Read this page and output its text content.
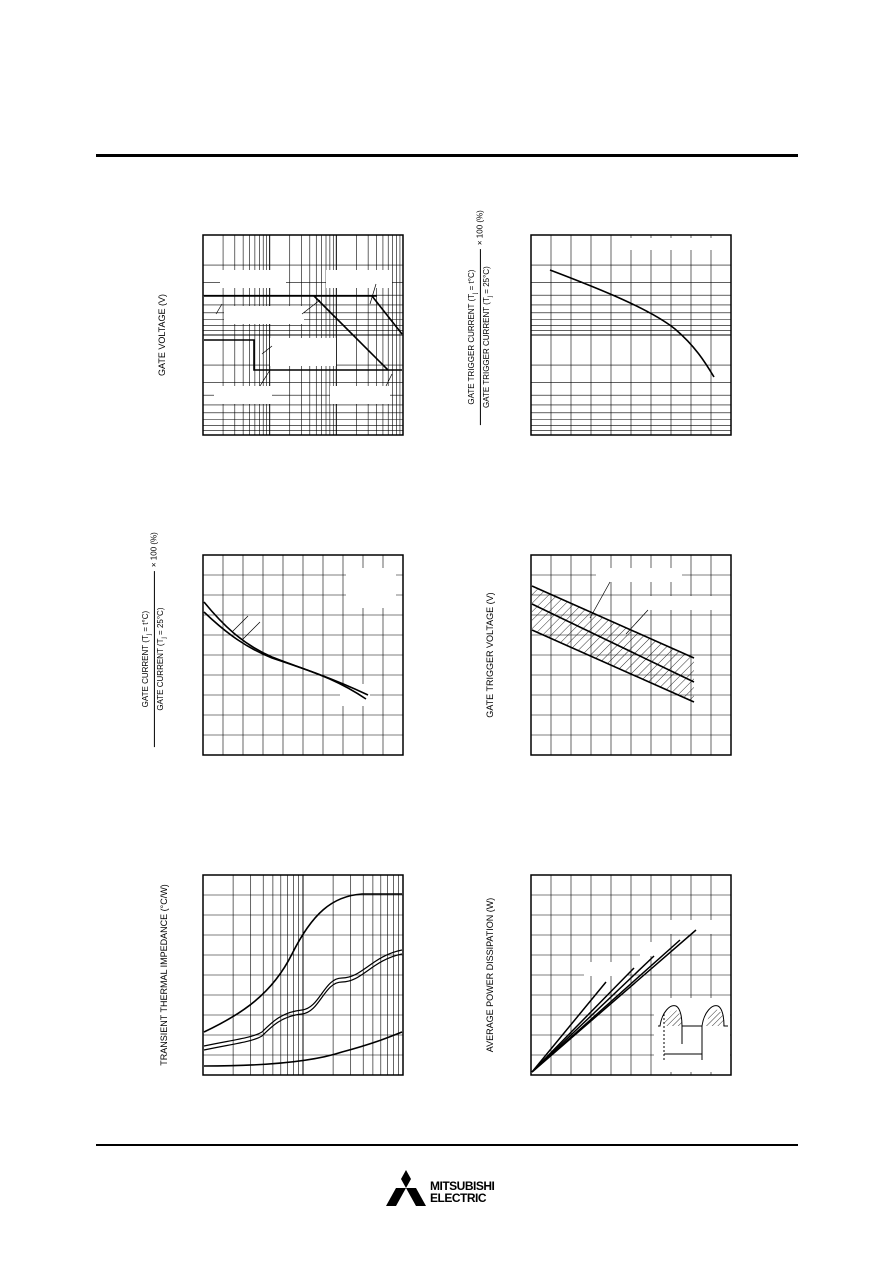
GATE VOLTAGE (V)	GATE TRIGGER CURRENT $(T_j = t^\circ C)$
GATE TRIGGER CURRENT $(T_j = 25^\circ C)$
× 100 (%)
GATE CURRENT $(T_j = t^\circ C)$
GATE CURRENT $(T_j = 25^\circ C)$
× 100 (%)
GATE TRIGGER VOLTAGE (V)
TRANSIENT THERMAL IMPEDANCE (°C/W)	AVERAGE POWER DISSIPATION (W)
MITSUBISHI
ELECTRIC
